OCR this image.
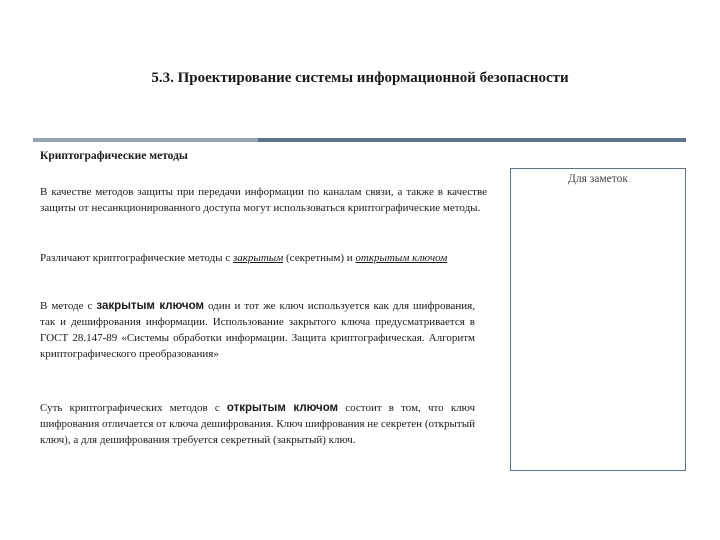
5.3. Проектирование системы информационной безопасности
Криптографические методы

В качестве методов защиты при передачи информации по каналам связи, а также в качестве защиты от несанкционированного доступа могут использоваться криптографические методы.

Различают криптографические методы с закрытым (секретным) и открытым ключом

В методе с закрытым ключом один и тот же ключ используется как для шифрования, так и дешифрования информации. Использование закрытого ключа предусматривается в ГОСТ 28.147-89 «Системы обработки информации. Защита криптографическая. Алгоритм криптографического преобразования»

Суть криптографических методов с открытым ключом состоит в том, что ключ шифрования отличается от ключа дешифрования. Ключ шифрования не секретен (открытый ключ), а для дешифрования требуется секретный (закрытый) ключ.

Для заметок
